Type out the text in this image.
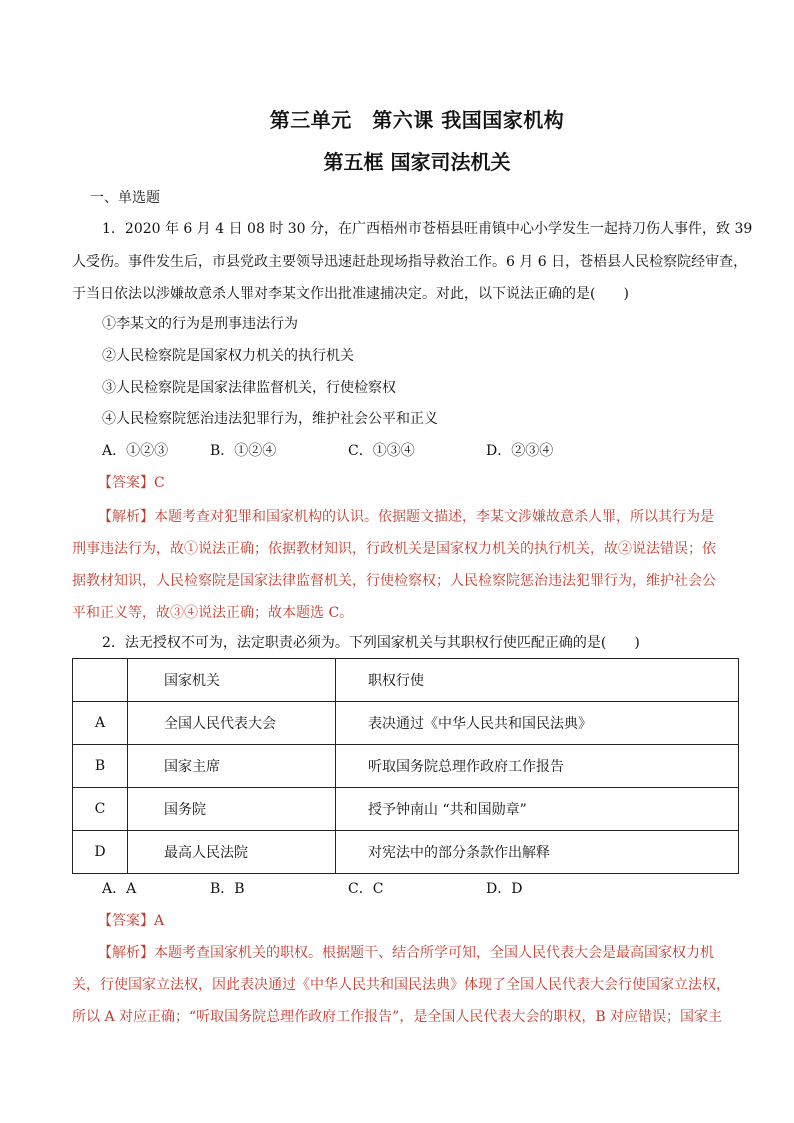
第三单元　第六课 我国国家机构
第五框 国家司法机关
一、单选题
1．2020 年 6 月 4 日 08 时 30 分，在广西梧州市苍梧县旺甫镇中心小学发生一起持刀伤人事件，致 39
人受伤。事件发生后，市县党政主要领导迅速赶赴现场指导救治工作。6 月 6 日，苍梧县人民检察院经审查，
于当日依法以涉嫌故意杀人罪对李某文作出批准逮捕决定。对此，以下说法正确的是(　　)
①李某文的行为是刑事违法行为
②人民检察院是国家权力机关的执行机关
③人民检察院是国家法律监督机关，行使检察权
④人民检察院惩治违法犯罪行为，维护社会公平和正义
A．①②③	B．①②④	C．①③④	D．②③④
【答案】C
【解析】本题考查对犯罪和国家机构的认识。依据题文描述，李某文涉嫌故意杀人罪，所以其行为是
刑事违法行为，故①说法正确；依据教材知识，行政机关是国家权力机关的执行机关，故②说法错误；依
据教材知识，人民检察院是国家法律监督机关，行使检察权；人民检察院惩治违法犯罪行为，维护社会公
平和正义等，故③④说法正确；故本题选 C。
2．法无授权不可为，法定职责必须为。下列国家机关与其职权行使匹配正确的是(　　)
	国家机关	职权行使
A	全国人民代表大会	表决通过《中华人民共和国民法典》
B	国家主席	听取国务院总理作政府工作报告
C	国务院	授予钟南山 “共和国勋章”
D	最高人民法院	对宪法中的部分条款作出解释
A．A	B．B	C．C	D．D
【答案】A
【解析】本题考查国家机关的职权。根据题干、结合所学可知，全国人民代表大会是最高国家权力机
关，行使国家立法权，因此表决通过《中华人民共和国民法典》体现了全国人民代表大会行使国家立法权，
所以 A 对应正确；“听取国务院总理作政府工作报告”，是全国人民代表大会的职权，B 对应错误；国家主
